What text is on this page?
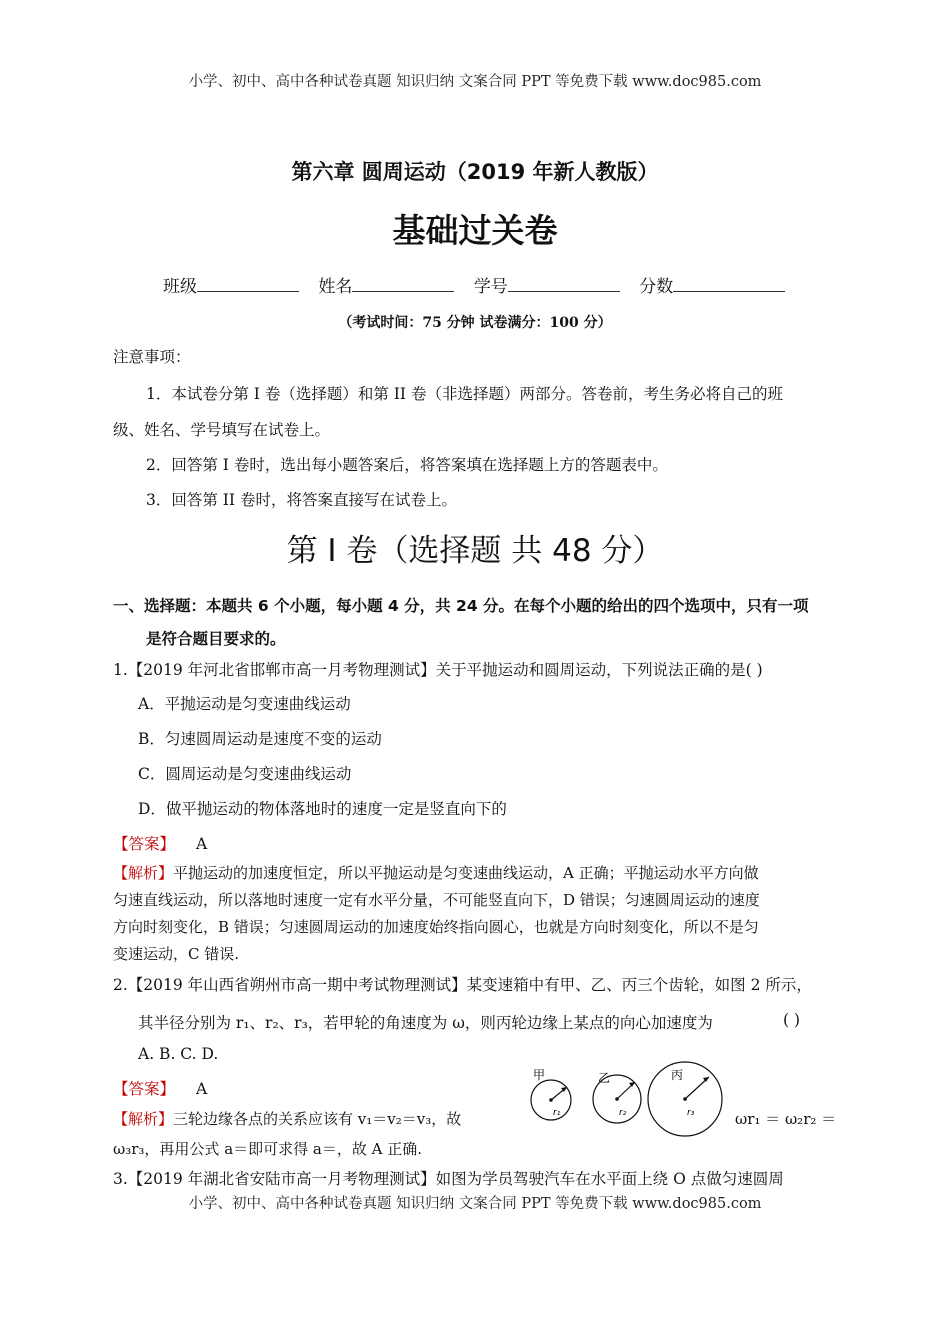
小学、初中、高中各种试卷真题 知识归纳 文案合同 PPT 等免费下载 www.doc985.com
第六章 圆周运动（2019 年新人教版）
基础过关卷
班级	姓名	学号	分数
（考试时间：75 分钟 试卷满分：100 分）
注意事项：
1．本试卷分第 I 卷（选择题）和第 II 卷（非选择题）两部分。答卷前，考生务必将自己的班
级、姓名、学号填写在试卷上。
2．回答第 I 卷时，选出每小题答案后，将答案填在选择题上方的答题表中。
3．回答第 II 卷时，将答案直接写在试卷上。
第 I 卷（选择题 共 48 分）
一、选择题：本题共 6 个小题，每小题 4 分，共 24 分。在每个小题的给出的四个选项中，只有一项
是符合题目要求的。
1.【2019 年河北省邯郸市高一月考物理测试】关于平抛运动和圆周运动，下列说法正确的是( )
A．平抛运动是匀变速曲线运动
B．匀速圆周运动是速度不变的运动
C．圆周运动是匀变速曲线运动
D．做平抛运动的物体落地时的速度一定是竖直向下的
【答案】 A
【解析】平抛运动的加速度恒定，所以平抛运动是匀变速曲线运动，A 正确；平抛运动水平方向做
匀速直线运动，所以落地时速度一定有水平分量，不可能竖直向下，D 错误；匀速圆周运动的速度
方向时刻变化，B 错误；匀速圆周运动的加速度始终指向圆心，也就是方向时刻变化，所以不是匀
变速运动，C 错误.
2.【2019 年山西省朔州市高一期中考试物理测试】某变速箱中有甲、乙、丙三个齿轮，如图 2 所示，
其半径分别为 r₁、r₂、r₃，若甲轮的角速度为 ω，则丙轮边缘上某点的向心加速度为	( )
A. B. C. D.
【答案】 A
【解析】三轮边缘各点的关系应该有 v₁＝v₂＝v₃，故	ωr₁ ＝ ω₂r₂ ＝
ω₃r₃，再用公式 a＝即可求得 a＝，故 A 正确.
甲
r₁
乙
r₂
丙
r₃
3.【2019 年湖北省安陆市高一月考物理测试】如图为学员驾驶汽车在水平面上绕 O 点做匀速圆周
小学、初中、高中各种试卷真题 知识归纳 文案合同 PPT 等免费下载 www.doc985.com
